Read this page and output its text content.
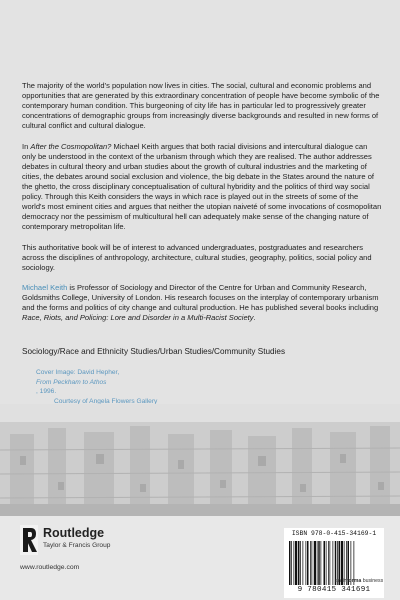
The majority of the world's population now lives in cities. The social, cultural and economic problems and opportunities that are generated by this extraordinary concentration of people have become symbolic of the contemporary human condition. This burgeoning of city life has in particular led to progressively greater concentrations of demographic groups from increasingly diverse backgrounds and resulted in new forms of cultural conflict and cultural dialogue.

In After the Cosmopolitan? Michael Keith argues that both racial divisions and intercultural dialogue can only be understood in the context of the urbanism through which they are realised. The author addresses debates in cultural theory and urban studies about the growth of cultural industries and the marketing of cities, the debates around social exclusion and violence, the big debate in the States around the nature of the ghetto, the cross disciplinary conceptualisation of cultural hybridity and the politics of third way social policy. Through this Keith considers the ways in which race is played out in the streets of some of the world's most eminent cities and argues that neither the utopian naiveté of some invocations of cosmopolitan democracy nor the pessimism of multicultural hell can adequately make sense of the changing nature of contemporary metropolitan life.

This authoritative book will be of interest to advanced undergraduates, postgraduates and researchers across the disciplines of anthropology, architecture, cultural studies, geography, politics, social policy and sociology.

Michael Keith is Professor of Sociology and Director of the Centre for Urban and Community Research, Goldsmiths College, University of London. His research focuses on the interplay of contemporary urbanism and the forms and politics of city change and cultural production. He has published several books including Race, Riots, and Policing: Lore and Disorder in a Multi-Racist Society.

Sociology/Race and Ethnicity Studies/Urban Studies/Community Studies
Cover Image: David Hepher,
From Peckham to Athos
, 1996.
Courtesy of Angela Flowers Gallery
Routledge
Taylor & Francis Group
www.routledge.com
ISBN 978-0-415-34169-1
9 780415 341691
an informa business
